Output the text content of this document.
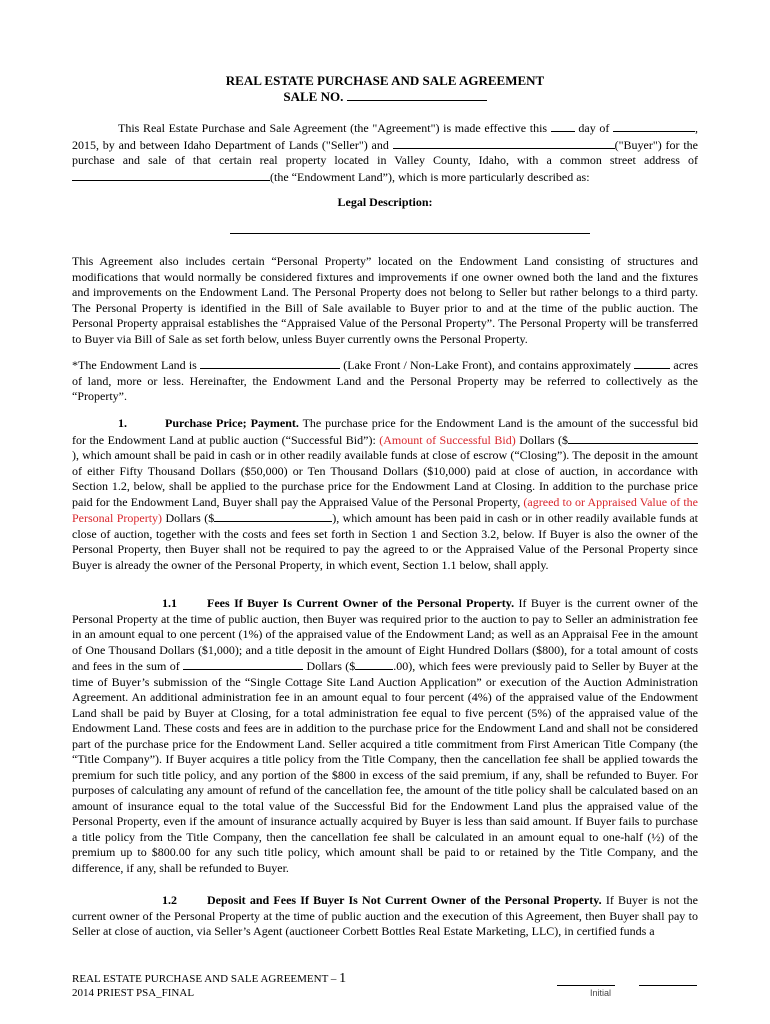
REAL ESTATE PURCHASE AND SALE AGREEMENT
SALE NO.

This Real Estate Purchase and Sale Agreement (the "Agreement") is made effective this	day of	, 2015, by and between Idaho Department of Lands ("Seller") and	("Buyer") for the purchase and sale of that certain real property located in Valley County, Idaho, with a common street address of (the “Endowment Land”), which is more particularly described as:

Legal Description:

This Agreement also includes certain “Personal Property” located on the Endowment Land consisting of structures and modifications that would normally be considered fixtures and improvements if one owner owned both the land and the fixtures and improvements on the Endowment Land. The Personal Property does not belong to Seller but rather belongs to a third party. The Personal Property is identified in the Bill of Sale available to Buyer prior to and at the time of the public auction. The Personal Property appraisal establishes the “Appraised Value of the Personal Property”. The Personal Property will be transferred to Buyer via Bill of Sale as set forth below, unless Buyer currently owns the Personal Property.

*The Endowment Land is	(Lake Front / Non-Lake Front), and contains approximately	acres of land, more or less. Hereinafter, the Endowment Land and the Personal Property may be referred to collectively as the “Property”.

1.	Purchase Price; Payment. The purchase price for the Endowment Land is the amount of the successful bid for the Endowment Land at public auction (“Successful Bid”): (Amount of Successful Bid) Dollars ($), which amount shall be paid in cash or in other readily available funds at close of escrow (“Closing”). The deposit in the amount of either Fifty Thousand Dollars ($50,000) or Ten Thousand Dollars ($10,000) paid at close of auction, in accordance with Section 1.2, below, shall be applied to the purchase price for the Endowment Land at Closing. In addition to the purchase price paid for the Endowment Land, Buyer shall pay the Appraised Value of the Personal Property, (agreed to or Appraised Value of the Personal Property) Dollars ($	), which amount has been paid in cash or in other readily available funds at close of auction, together with the costs and fees set forth in Section 1 and Section 3.2, below. If Buyer is also the owner of the Personal Property, then Buyer shall not be required to pay the agreed to or the Appraised Value of the Personal Property since Buyer is already the owner of the Personal Property, in which event, Section 1.1 below, shall apply.

1.1	Fees If Buyer Is Current Owner of the Personal Property. If Buyer is the current owner of the Personal Property at the time of public auction, then Buyer was required prior to the auction to pay to Seller an administration fee in an amount equal to one percent (1%) of the appraised value of the Endowment Land; as well as an Appraisal Fee in the amount of One Thousand Dollars ($1,000); and a title deposit in the amount of Eight Hundred Dollars ($800), for a total amount of costs and fees in the sum of	Dollars ($	.00), which fees were previously paid to Seller by Buyer at the time of Buyer’s submission of the “Single Cottage Site Land Auction Application” or execution of the Auction Administration Agreement. An additional administration fee in an amount equal to four percent (4%) of the appraised value of the Endowment Land shall be paid by Buyer at Closing, for a total administration fee equal to five percent (5%) of the appraised value of the Endowment Land. These costs and fees are in addition to the purchase price for the Endowment Land and shall not be considered part of the purchase price for the Endowment Land. Seller acquired a title commitment from First American Title Company (the “Title Company”). If Buyer acquires a title policy from the Title Company, then the cancellation fee shall be applied towards the premium for such title policy, and any portion of the $800 in excess of the said premium, if any, shall be refunded to Buyer. For purposes of calculating any amount of refund of the cancellation fee, the amount of the title policy shall be calculated based on an amount of insurance equal to the total value of the Successful Bid for the Endowment Land plus the appraised value of the Personal Property, even if the amount of insurance actually acquired by Buyer is less than said amount. If Buyer fails to purchase a title policy from the Title Company, then the cancellation fee shall be calculated in an amount equal to one-half (½) of the premium up to $800.00 for any such title policy, which amount shall be paid to or retained by the Title Company, and the difference, if any, shall be refunded to Buyer.

1.2	Deposit and Fees If Buyer Is Not Current Owner of the Personal Property. If Buyer is not the current owner of the Personal Property at the time of public auction and the execution of this Agreement, then Buyer shall pay to Seller at close of auction, via Seller’s Agent (auctioneer Corbett Bottles Real Estate Marketing, LLC), in certified funds a

REAL ESTATE PURCHASE AND SALE AGREEMENT – 1
2014 PRIEST PSA_FINAL	Initial
